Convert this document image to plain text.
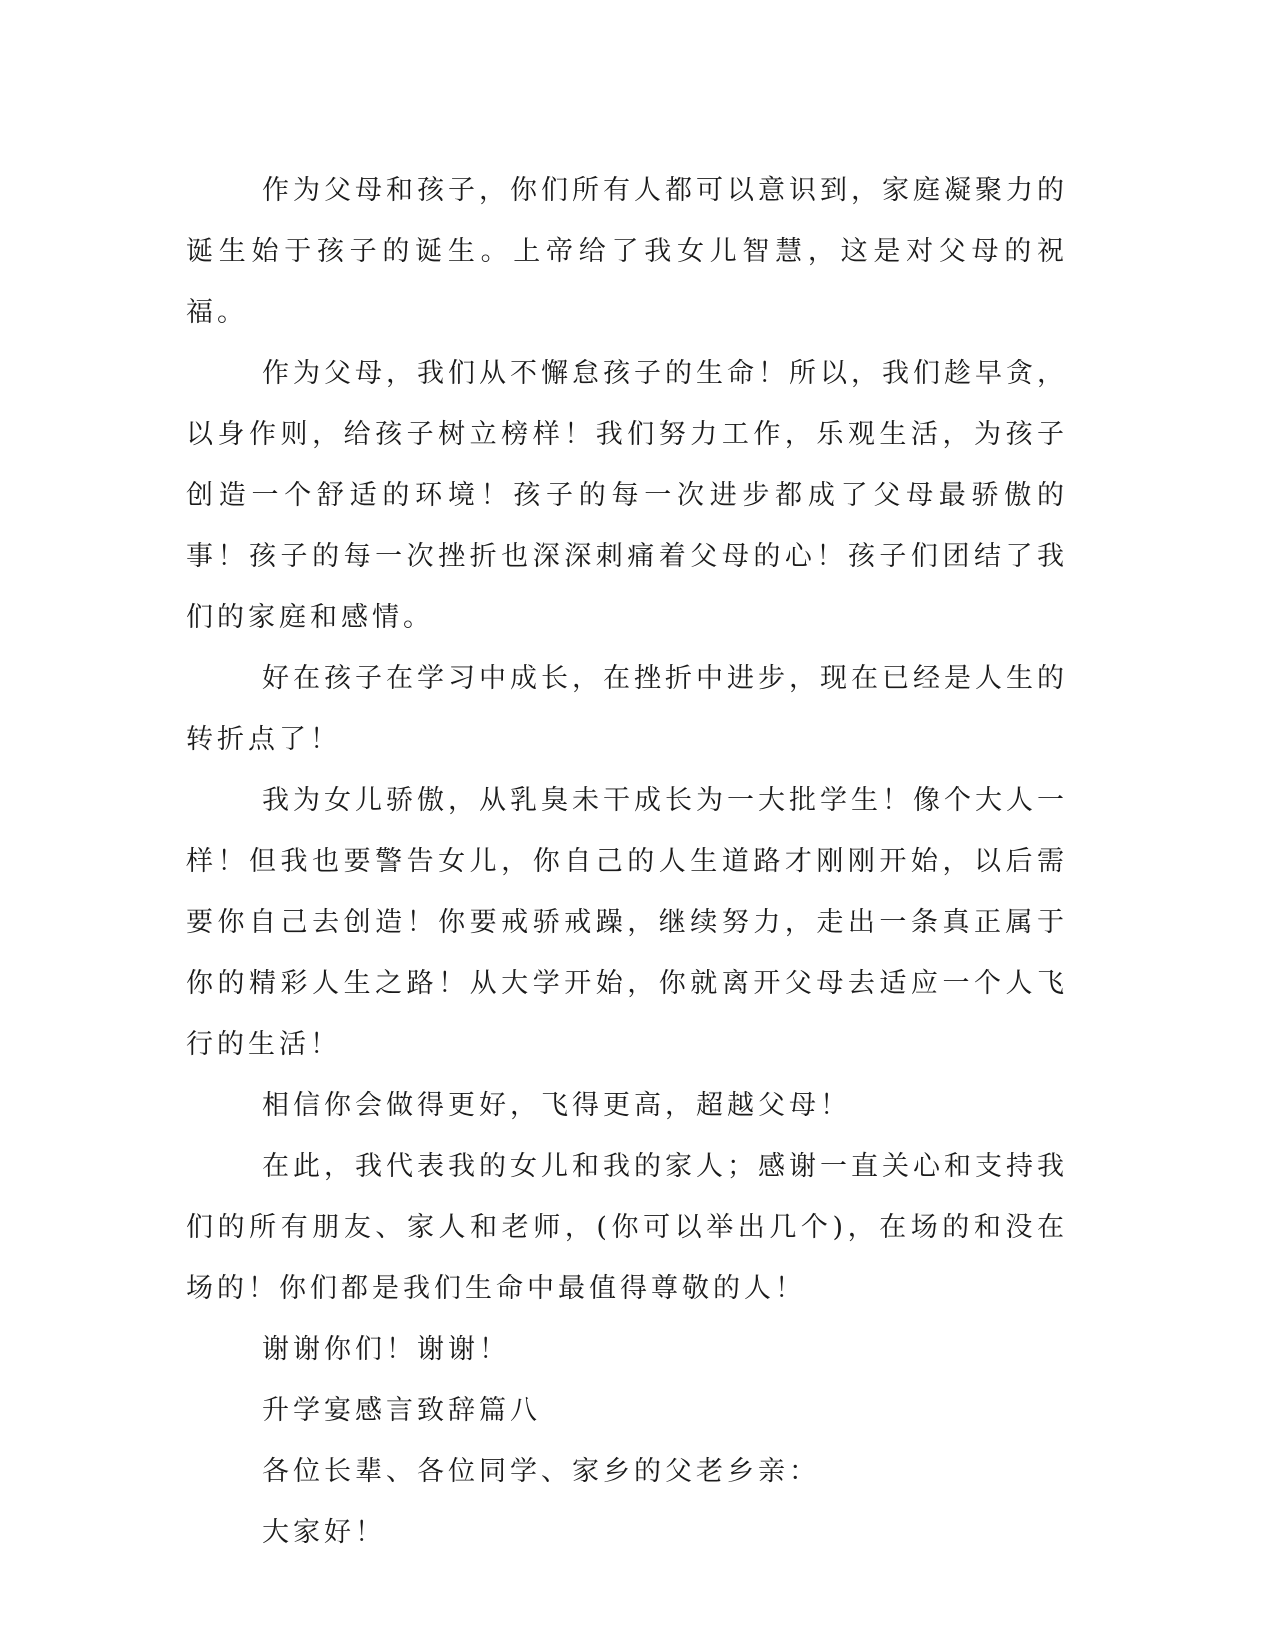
作为父母和孩子，你们所有人都可以意识到，家庭凝聚力的诞生始于孩子的诞生。上帝给了我女儿智慧，这是对父母的祝福。

作为父母，我们从不懈怠孩子的生命！所以，我们趁早贪，以身作则，给孩子树立榜样！我们努力工作，乐观生活，为孩子创造一个舒适的环境！孩子的每一次进步都成了父母最骄傲的事！孩子的每一次挫折也深深刺痛着父母的心！孩子们团结了我们的家庭和感情。

好在孩子在学习中成长，在挫折中进步，现在已经是人生的转折点了！

我为女儿骄傲，从乳臭未干成长为一大批学生！像个大人一样！但我也要警告女儿，你自己的人生道路才刚刚开始，以后需要你自己去创造！你要戒骄戒躁，继续努力，走出一条真正属于你的精彩人生之路！从大学开始，你就离开父母去适应一个人飞行的生活！

相信你会做得更好，飞得更高，超越父母！

在此，我代表我的女儿和我的家人；感谢一直关心和支持我们的所有朋友、家人和老师，(你可以举出几个)，在场的和没在场的！你们都是我们生命中最值得尊敬的人！

谢谢你们！谢谢！

升学宴感言致辞篇八

各位长辈、各位同学、家乡的父老乡亲：

大家好！
